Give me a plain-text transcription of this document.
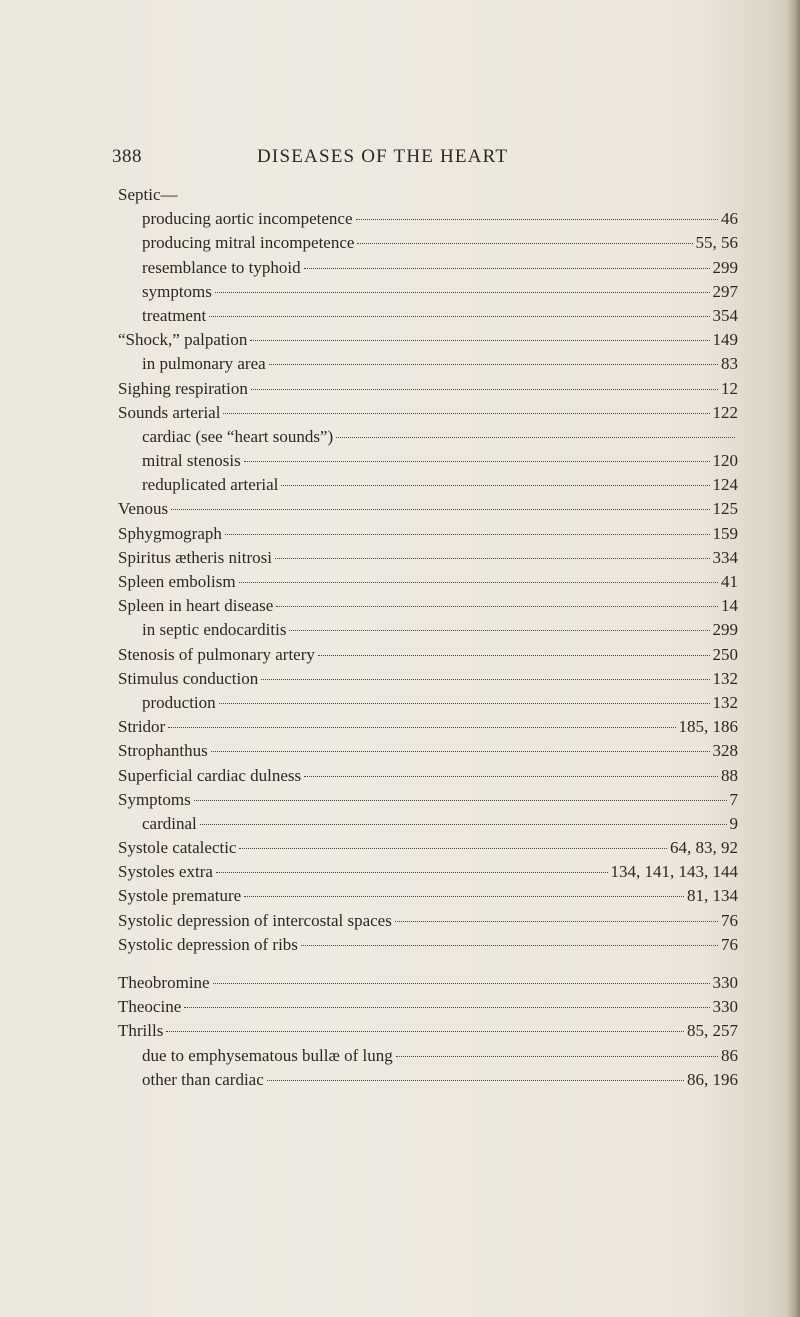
388	DISEASES OF THE HEART
Septic—
producing aortic incompetence	46
producing mitral incompetence	55, 56
resemblance to typhoid	299
symptoms	297
treatment	354
“Shock,” palpation	149
in pulmonary area	83
Sighing respiration	12
Sounds arterial	122
cardiac (see “heart sounds”)
mitral stenosis	120
reduplicated arterial	124
Venous	125
Sphygmograph	159
Spiritus ætheris nitrosi	334
Spleen embolism	41
Spleen in heart disease	14
in septic endocarditis	299
Stenosis of pulmonary artery	250
Stimulus conduction	132
production	132
Stridor	185, 186
Strophanthus	328
Superficial cardiac dulness	88
Symptoms	7
cardinal	9
Systole catalectic	64, 83, 92
Systoles extra	134, 141, 143, 144
Systole premature	81, 134
Systolic depression of intercostal spaces	76
Systolic depression of ribs	76
Theobromine	330
Theocine	330
Thrills	85, 257
due to emphysematous bullæ of lung	86
other than cardiac	86, 196
